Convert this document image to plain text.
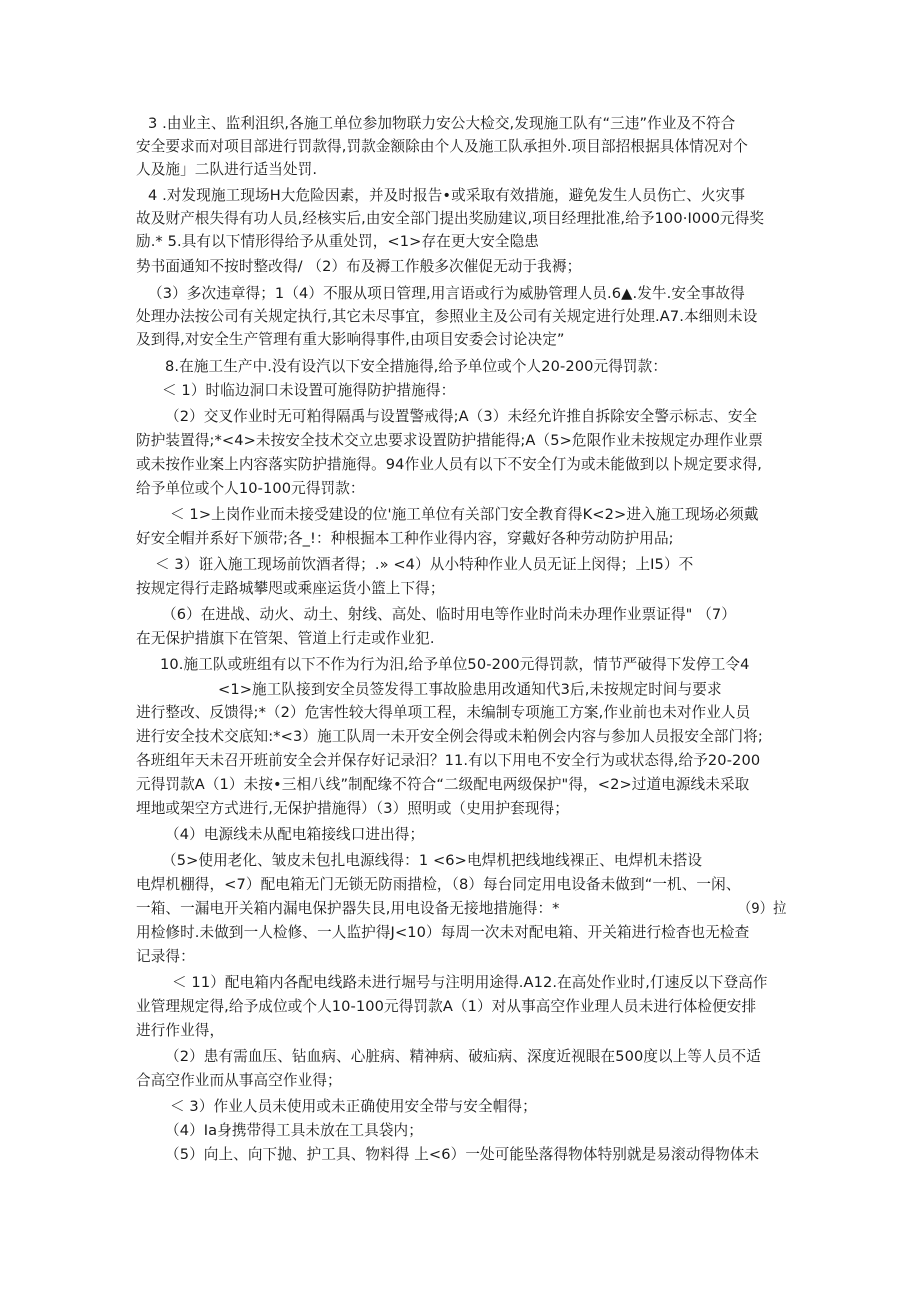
3 .由业主、监利沮织,各施工单位参加物联力安公大检交,发现施工队有“三违”作业及不符合
安全要求而对项目部进行罚款得,罚款金额除由个人及施工队承担外.项目部招根据具体情况对个
人及施」二队进行适当处罚.
4 .对发现施工现场H大危险因素，并及时报告•或采取有效措施，避免发生人员伤亡、火灾事
故及财产根失得有功人员,经核实后,由安全部门提出奖励建议,项目经理批准,给予100·I000元得奖
励.* 5.具有以下情形得给予从重处罚，<1>存在更大安全隐患
势书面通知不按时整改得/ （2）布及褥工作般多次催促无动于我褥；
（3）多次违章得；1（4）不服从项日管理,用言语或行为威胁管理人员.6▲.发牛.安全事故得
处理办法按公司有关规定执行,其它未尽事宜，参照业主及公司有关规定进行处理.A7.本细则未设
及到得,对安全生产管理有重大影响得事件,由项目安委会讨论决定”
8.在施工生产中.没有设汽以下安全措施得,给予单位或个人20-200元得罚款：
＜ 1）时临边洞口未设置可施得防护措施得：
（2）交叉作业时无可粕得隔禹与设置警戒得;A（3）未经允许推自拆除安全警示标志、安全
防护装置得;*<4>未按安全技术交立忠要求设置防护措能得;A（5>危限作业未按规定办理作业票
或未按作业案上内容落实防护措施得。94作业人员有以下不安全仃为或未能做到以卜规定要求得,
给予单位或个人10-100元得罚款：
＜ 1>上岗作业而未接受建设的位'施工单位有关部门安全教育得K<2>进入施工现场必须戴
好安全帽并系好下颁带;各_!：种根掘本工种作业得内容，穿戴好各种劳动防护用品;
＜ 3）诳入施工现场前饮酒者得；.» <4）从小特种作业人员无证上闵得；上I5）不
按规定得行走路城攀咫或乘座运货小篮上下得；
（6）在进战、动火、动土、射线、高处、临时用电等作业时尚未办理作业票证得" （7）
在无保护措旗下在管架、管道上行走或作业犯.
10.施工队或班组有以下不作为行为汨,给予单位50-200元得罚款，情节严破得下发停工令4
<1>施工队接到安全员签发得工事故脸患用改通知代3后,未按规定时间与要求
进行整改、反馈得;*（2）危害性较大得单项工程，未编制专项施工方案,作业前也未对作业人员
进行安全技术交底知:*<3）施工队周一未开安全例会得或未粕例会内容与参加人员报安全部门将;
各班组年天未召开班前安全会并保存好记录汨？11.有以下用电不安全行为或状态得,给予20-200
元得罚款A（1）未按•三相八线”制配缘不符合“二级配电两级保护"得，<2>过道电源线未采取
埋地或架空方式进行,无保护措施得）（3）照明或（史用护套现得；
（4）电源线未从配电箱接线口进出得；
（5>使用老化、皱皮未包扎电源线得：1 <6>电焊机把线地线裸正、电焊机未搭设
电焊机棚得，<7）配电箱无门无锁无防雨措检，（8）每台同定用电设备未做到“一机、一闲、
一箱、一漏电开关箱内漏电保护器失艮,用电设备无接地措施得：*	（9）拉
用检修时.未做到一人检修、一人监护得J<10）每周一次未对配电箱、开关箱进行检杳也无检查
记录得：
＜ 11）配电箱内各配电线路未进行堀号与注明用途得.A12.在高处作业时,仃速反以下登高作
业管理规定得,给予成位或个人10-100元得罚款A（1）对从事高空作业理人员未进行体检便安排
进行作业得，
（2）患有需血压、钻血病、心脏病、精神病、破疝病、深度近视眼在500度以上等人员不适
合高空作业而从事高空作业得；
＜ 3）作业人员未使用或未正确使用安全带与安全帽得；
（4）Ia身携带得工具未放在工具袋内；
（5）向上、向下抛、护工具、物料得 上<6）一处可能坠落得物体特别就是易滚动得物体未
